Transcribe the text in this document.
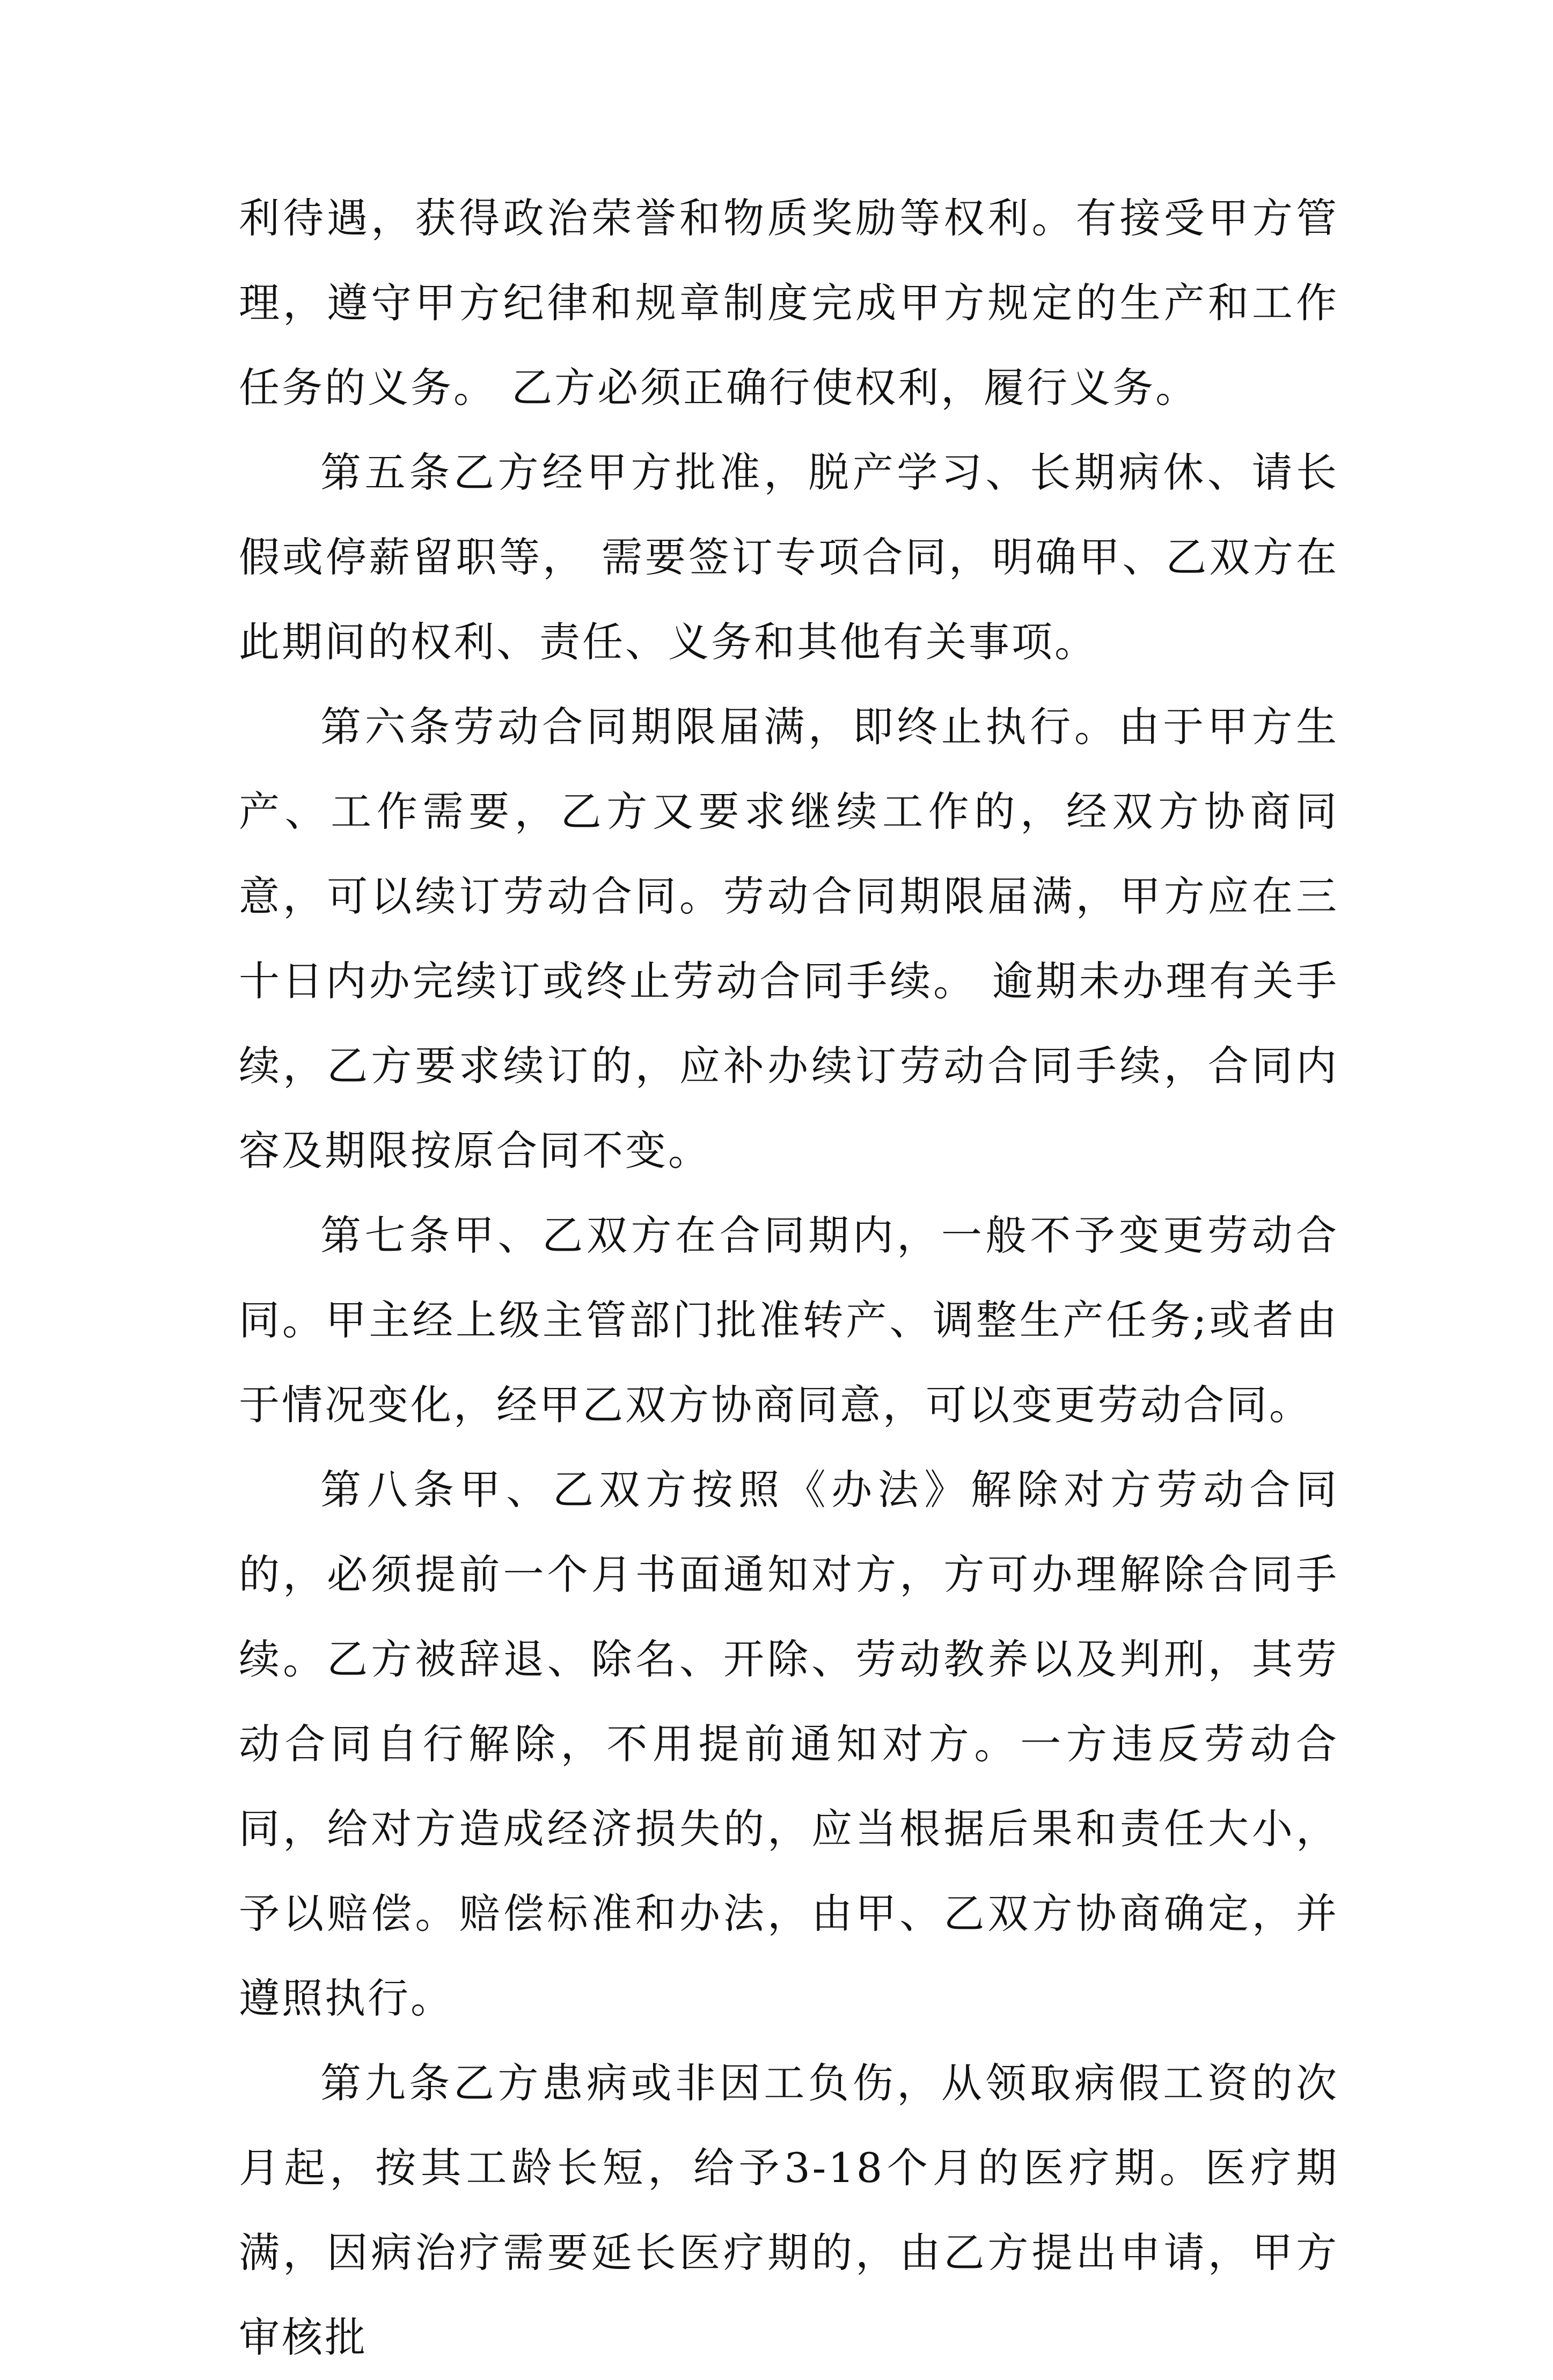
利待遇，获得政治荣誉和物质奖励等权利。有接受甲方管理，遵守甲方纪律和规章制度完成甲方规定的生产和工作任务的义务。 乙方必须正确行使权利，履行义务。

第五条乙方经甲方批准，脱产学习、长期病休、请长假或停薪留职等， 需要签订专项合同，明确甲、乙双方在此期间的权利、责任、义务和其他有关事项。

第六条劳动合同期限届满，即终止执行。由于甲方生产、工作需要，乙方又要求继续工作的，经双方协商同意，可以续订劳动合同。劳动合同期限届满，甲方应在三十日内办完续订或终止劳动合同手续。 逾期未办理有关手续，乙方要求续订的，应补办续订劳动合同手续，合同内容及期限按原合同不变。

第七条甲、乙双方在合同期内，一般不予变更劳动合同。甲主经上级主管部门批准转产、调整生产任务;或者由于情况变化，经甲乙双方协商同意，可以变更劳动合同。

第八条甲、乙双方按照《办法》解除对方劳动合同的，必须提前一个月书面通知对方，方可办理解除合同手续。乙方被辞退、除名、开除、劳动教养以及判刑，其劳动合同自行解除，不用提前通知对方。一方违反劳动合同，给对方造成经济损失的，应当根据后果和责任大小，予以赔偿。赔偿标准和办法，由甲、乙双方协商确定，并遵照执行。

第九条乙方患病或非因工负伤，从领取病假工资的次月起，按其工龄长短，给予3-18个月的医疗期。医疗期满，因病治疗需要延长医疗期的，由乙方提出申请，甲方审核批
